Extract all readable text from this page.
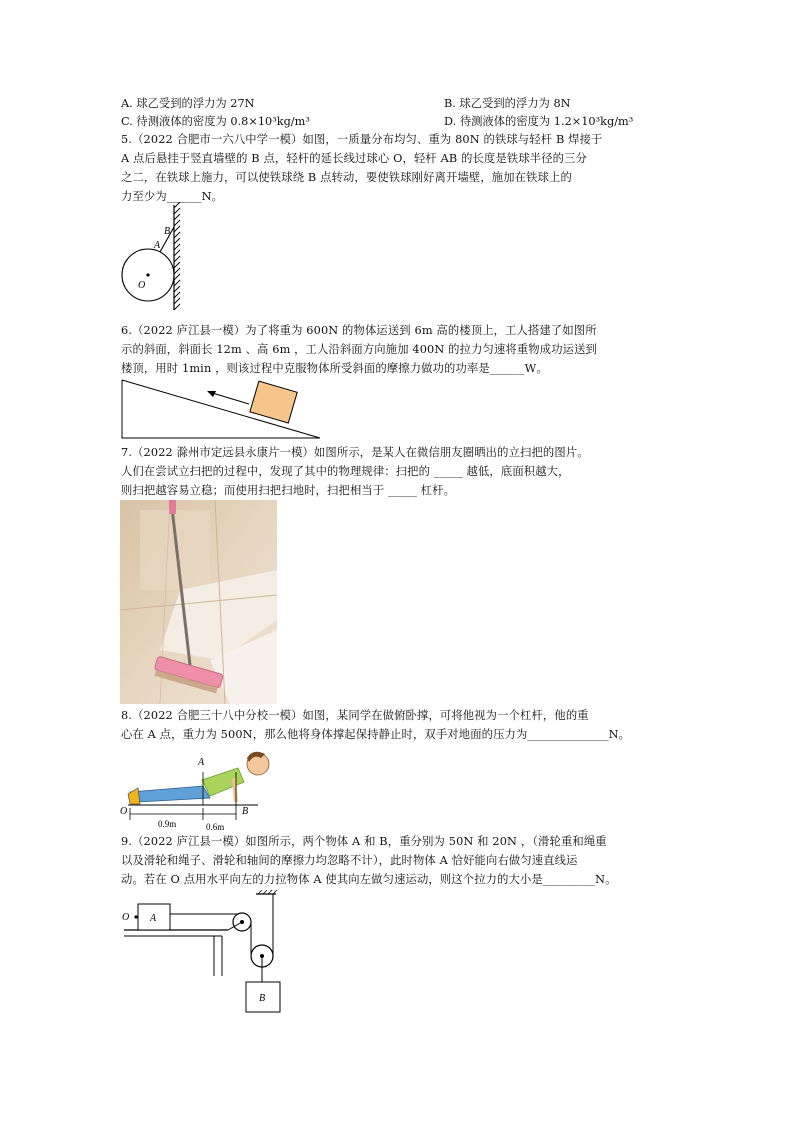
A. 球乙受到的浮力为 27N	B. 球乙受到的浮力为 8N
C. 待测液体的密度为 0.8×10³kg/m³	D. 待测液体的密度为 1.2×10³kg/m³
5.（2022 合肥市一六八中学一模）如图，一质量分布均匀、重为 80N 的铁球与轻杆 B 焊接于
A 点后悬挂于竖直墙壁的 B 点，轻杆的延长线过球心 O，轻杆 AB 的长度是铁球半径的三分
之二，在铁球上施力，可以使铁球绕 B 点转动，要使铁球刚好离开墙壁，施加在铁球上的
力至少为______N。
B
A
O
6.（2022 庐江县一模）为了将重为 600N 的物体运送到 6m 高的楼顶上，工人搭建了如图所
示的斜面，斜面长 12m 、高 6m ，工人沿斜面方向施加 400N 的拉力匀速将重物成功运送到
楼顶，用时 1min ，则该过程中克服物体所受斜面的摩擦力做功的功率是______W。
7.（2022 滁州市定远县永康片一模）如图所示，是某人在微信朋友圈晒出的立扫把的图片。
人们在尝试立扫把的过程中，发现了其中的物理规律：扫把的 _____ 越低，底面积越大，
则扫把越容易立稳；而使用扫把扫地时，扫把相当于 _____ 杠杆。
8.（2022 合肥三十八中分校一模）如图，某同学在做俯卧撑，可将他视为一个杠杆，他的重
心在 A 点，重力为 500N，那么他将身体撑起保持静止时，双手对地面的压力为______________N。
A
O	B
0.9m	0.6m
9.（2022 庐江县一模）如图所示，两个物体 A 和 B，重分别为 50N 和 20N ，（滑轮重和绳重
以及滑轮和绳子、滑轮和轴间的摩擦力均忽略不计），此时物体 A 恰好能向右做匀速直线运
动。若在 O 点用水平向左的力拉物体 A 使其向左做匀速运动，则这个拉力的大小是_________N。
O A
B
